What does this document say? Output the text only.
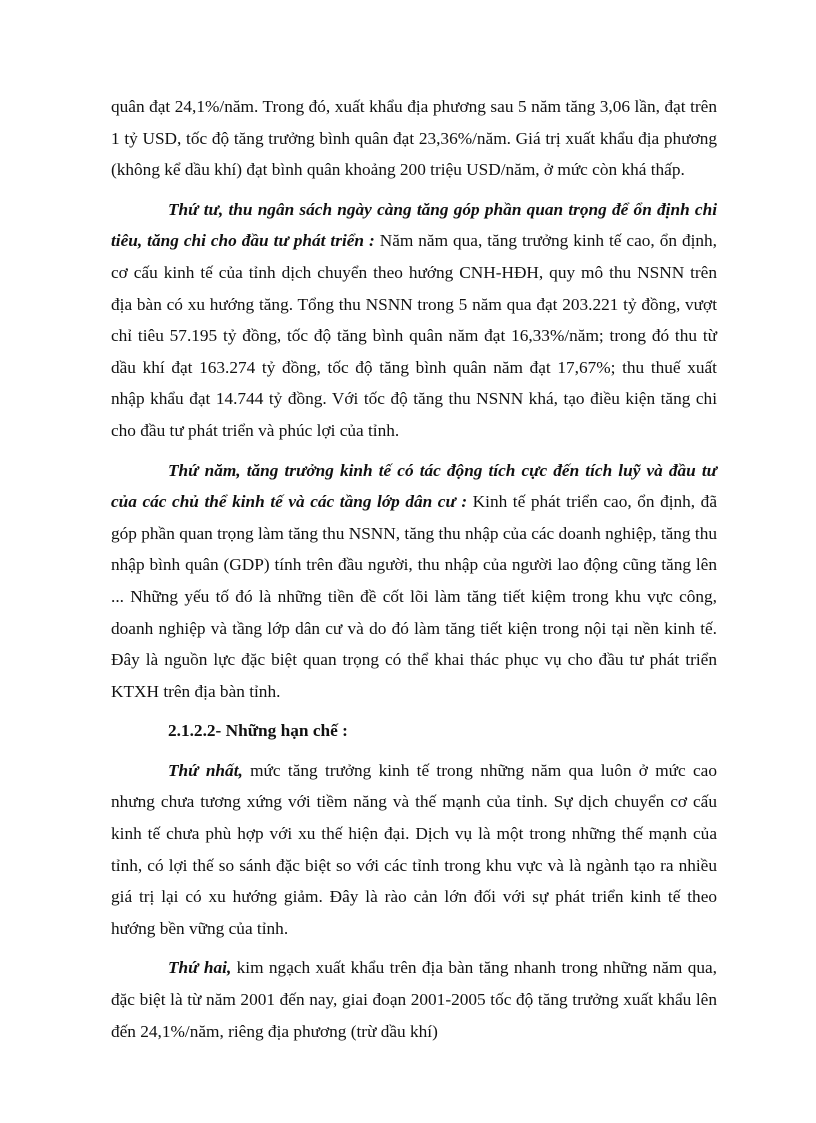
quân đạt 24,1%/năm. Trong đó, xuất khẩu địa phương sau 5 năm tăng 3,06 lần, đạt trên 1 tỷ USD, tốc độ tăng trưởng bình quân đạt 23,36%/năm. Giá trị xuất khẩu địa phương (không kể dầu khí) đạt bình quân khoảng 200 triệu USD/năm, ở mức còn khá thấp.

Thứ tư, thu ngân sách ngày càng tăng góp phần quan trọng để ổn định chi tiêu, tăng chi cho đầu tư phát triển : Năm năm qua, tăng trưởng kinh tế cao, ổn định, cơ cấu kinh tế của tỉnh dịch chuyển theo hướng CNH-HĐH, quy mô thu NSNN trên địa bàn có xu hướng tăng. Tổng thu NSNN trong 5 năm qua đạt 203.221 tỷ đồng, vượt chỉ tiêu 57.195 tỷ đồng, tốc độ tăng bình quân năm đạt 16,33%/năm; trong đó thu từ dầu khí đạt 163.274 tỷ đồng, tốc độ tăng bình quân năm đạt 17,67%; thu thuế xuất nhập khẩu đạt 14.744 tỷ đồng. Với tốc độ tăng thu NSNN khá, tạo điều kiện tăng chi cho đầu tư phát triển và phúc lợi của tỉnh.

Thứ năm, tăng trưởng kinh tế có tác động tích cực đến tích luỹ và đầu tư của các chủ thể kinh tế và các tầng lớp dân cư : Kinh tế phát triển cao, ổn định, đã góp phần quan trọng làm tăng thu NSNN, tăng thu nhập của các doanh nghiệp, tăng thu nhập bình quân (GDP) tính trên đầu người, thu nhập của người lao động cũng tăng lên ... Những yếu tố đó là những tiền đề cốt lõi làm tăng tiết kiệm trong khu vực công, doanh nghiệp và tầng lớp dân cư và do đó làm tăng tiết kiện trong nội tại nền kinh tế. Đây là nguồn lực đặc biệt quan trọng có thể khai thác phục vụ cho đầu tư phát triển KTXH trên địa bàn tỉnh.

2.1.2.2- Những hạn chế :

Thứ nhất, mức tăng trưởng kinh tế trong những năm qua luôn ở mức cao nhưng chưa tương xứng với tiềm năng và thế mạnh của tỉnh. Sự dịch chuyển cơ cấu kinh tế chưa phù hợp với xu thế hiện đại. Dịch vụ là một trong những thế mạnh của tỉnh, có lợi thế so sánh đặc biệt so với các tỉnh trong khu vực và là ngành tạo ra nhiều giá trị lại có xu hướng giảm. Đây là rào cản lớn đối với sự phát triển kinh tế theo hướng bền vững của tỉnh.

Thứ hai, kim ngạch xuất khẩu trên địa bàn tăng nhanh trong những năm qua, đặc biệt là từ năm 2001 đến nay, giai đoạn 2001-2005 tốc độ tăng trưởng xuất khẩu lên đến 24,1%/năm, riêng địa phương (trừ dầu khí)
